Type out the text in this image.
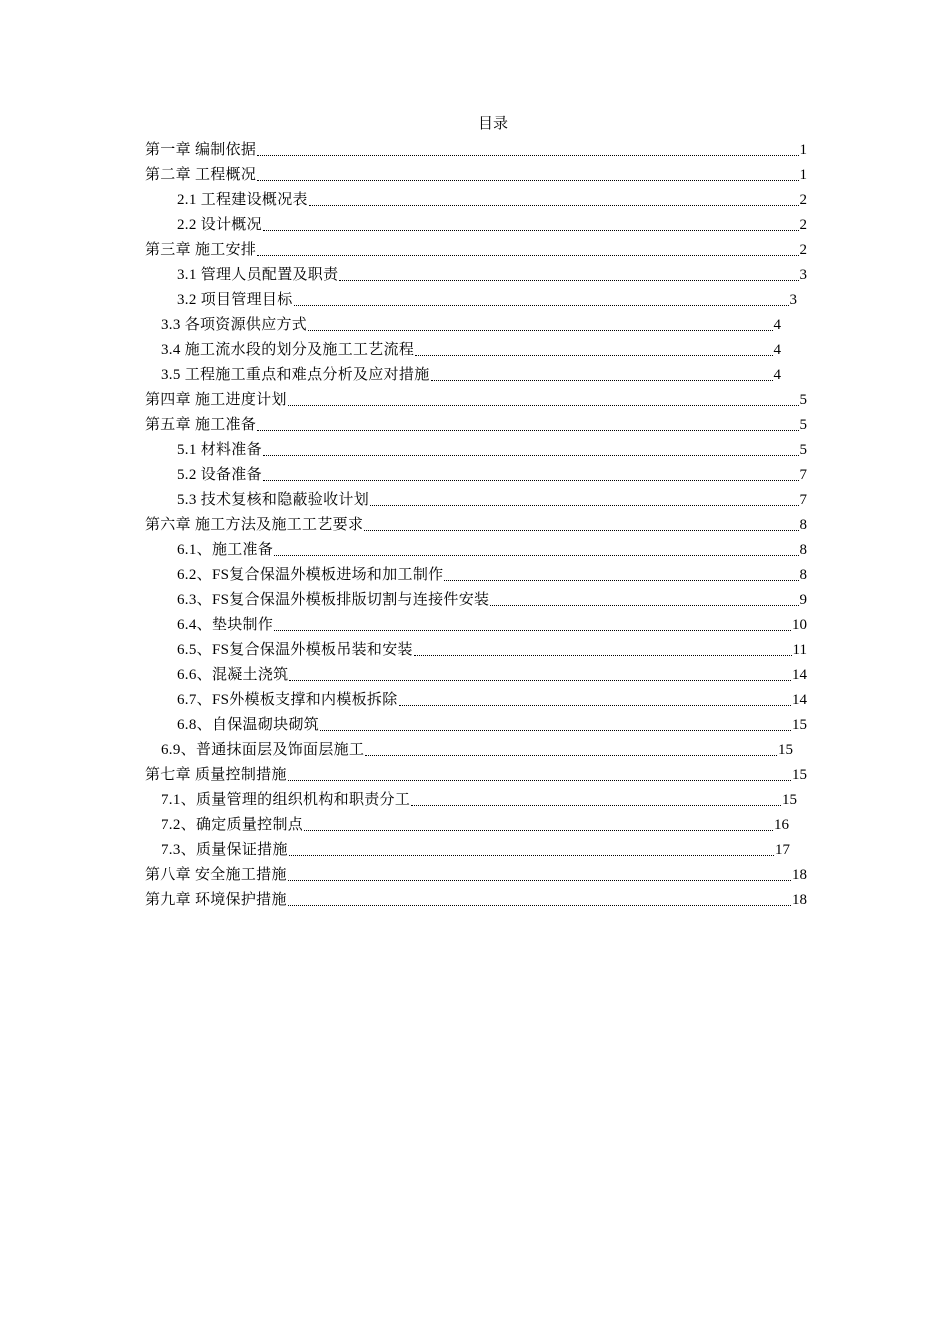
目录
第一章 编制依据	1
第二章 工程概况	1
2.1 工程建设概况表	2
2.2 设计概况	2
第三章 施工安排	2
3.1 管理人员配置及职责	3
3.2 项目管理目标	3
3.3 各项资源供应方式	4
3.4 施工流水段的划分及施工工艺流程	4
3.5 工程施工重点和难点分析及应对措施	4
第四章 施工进度计划	5
第五章 施工准备	5
5.1 材料准备	5
5.2 设备准备	7
5.3 技术复核和隐蔽验收计划	7
第六章 施工方法及施工工艺要求	8
6.1、施工准备	8
6.2、FS复合保温外模板进场和加工制作	8
6.3、FS复合保温外模板排版切割与连接件安装	9
6.4、垫块制作	10
6.5、FS复合保温外模板吊装和安装	11
6.6、混凝土浇筑	14
6.7、FS外模板支撑和内模板拆除	14
6.8、自保温砌块砌筑	15
6.9、普通抹面层及饰面层施工	15
第七章 质量控制措施	15
7.1、质量管理的组织机构和职责分工	15
7.2、确定质量控制点	16
7.3、质量保证措施	17
第八章 安全施工措施	18
第九章 环境保护措施	18
